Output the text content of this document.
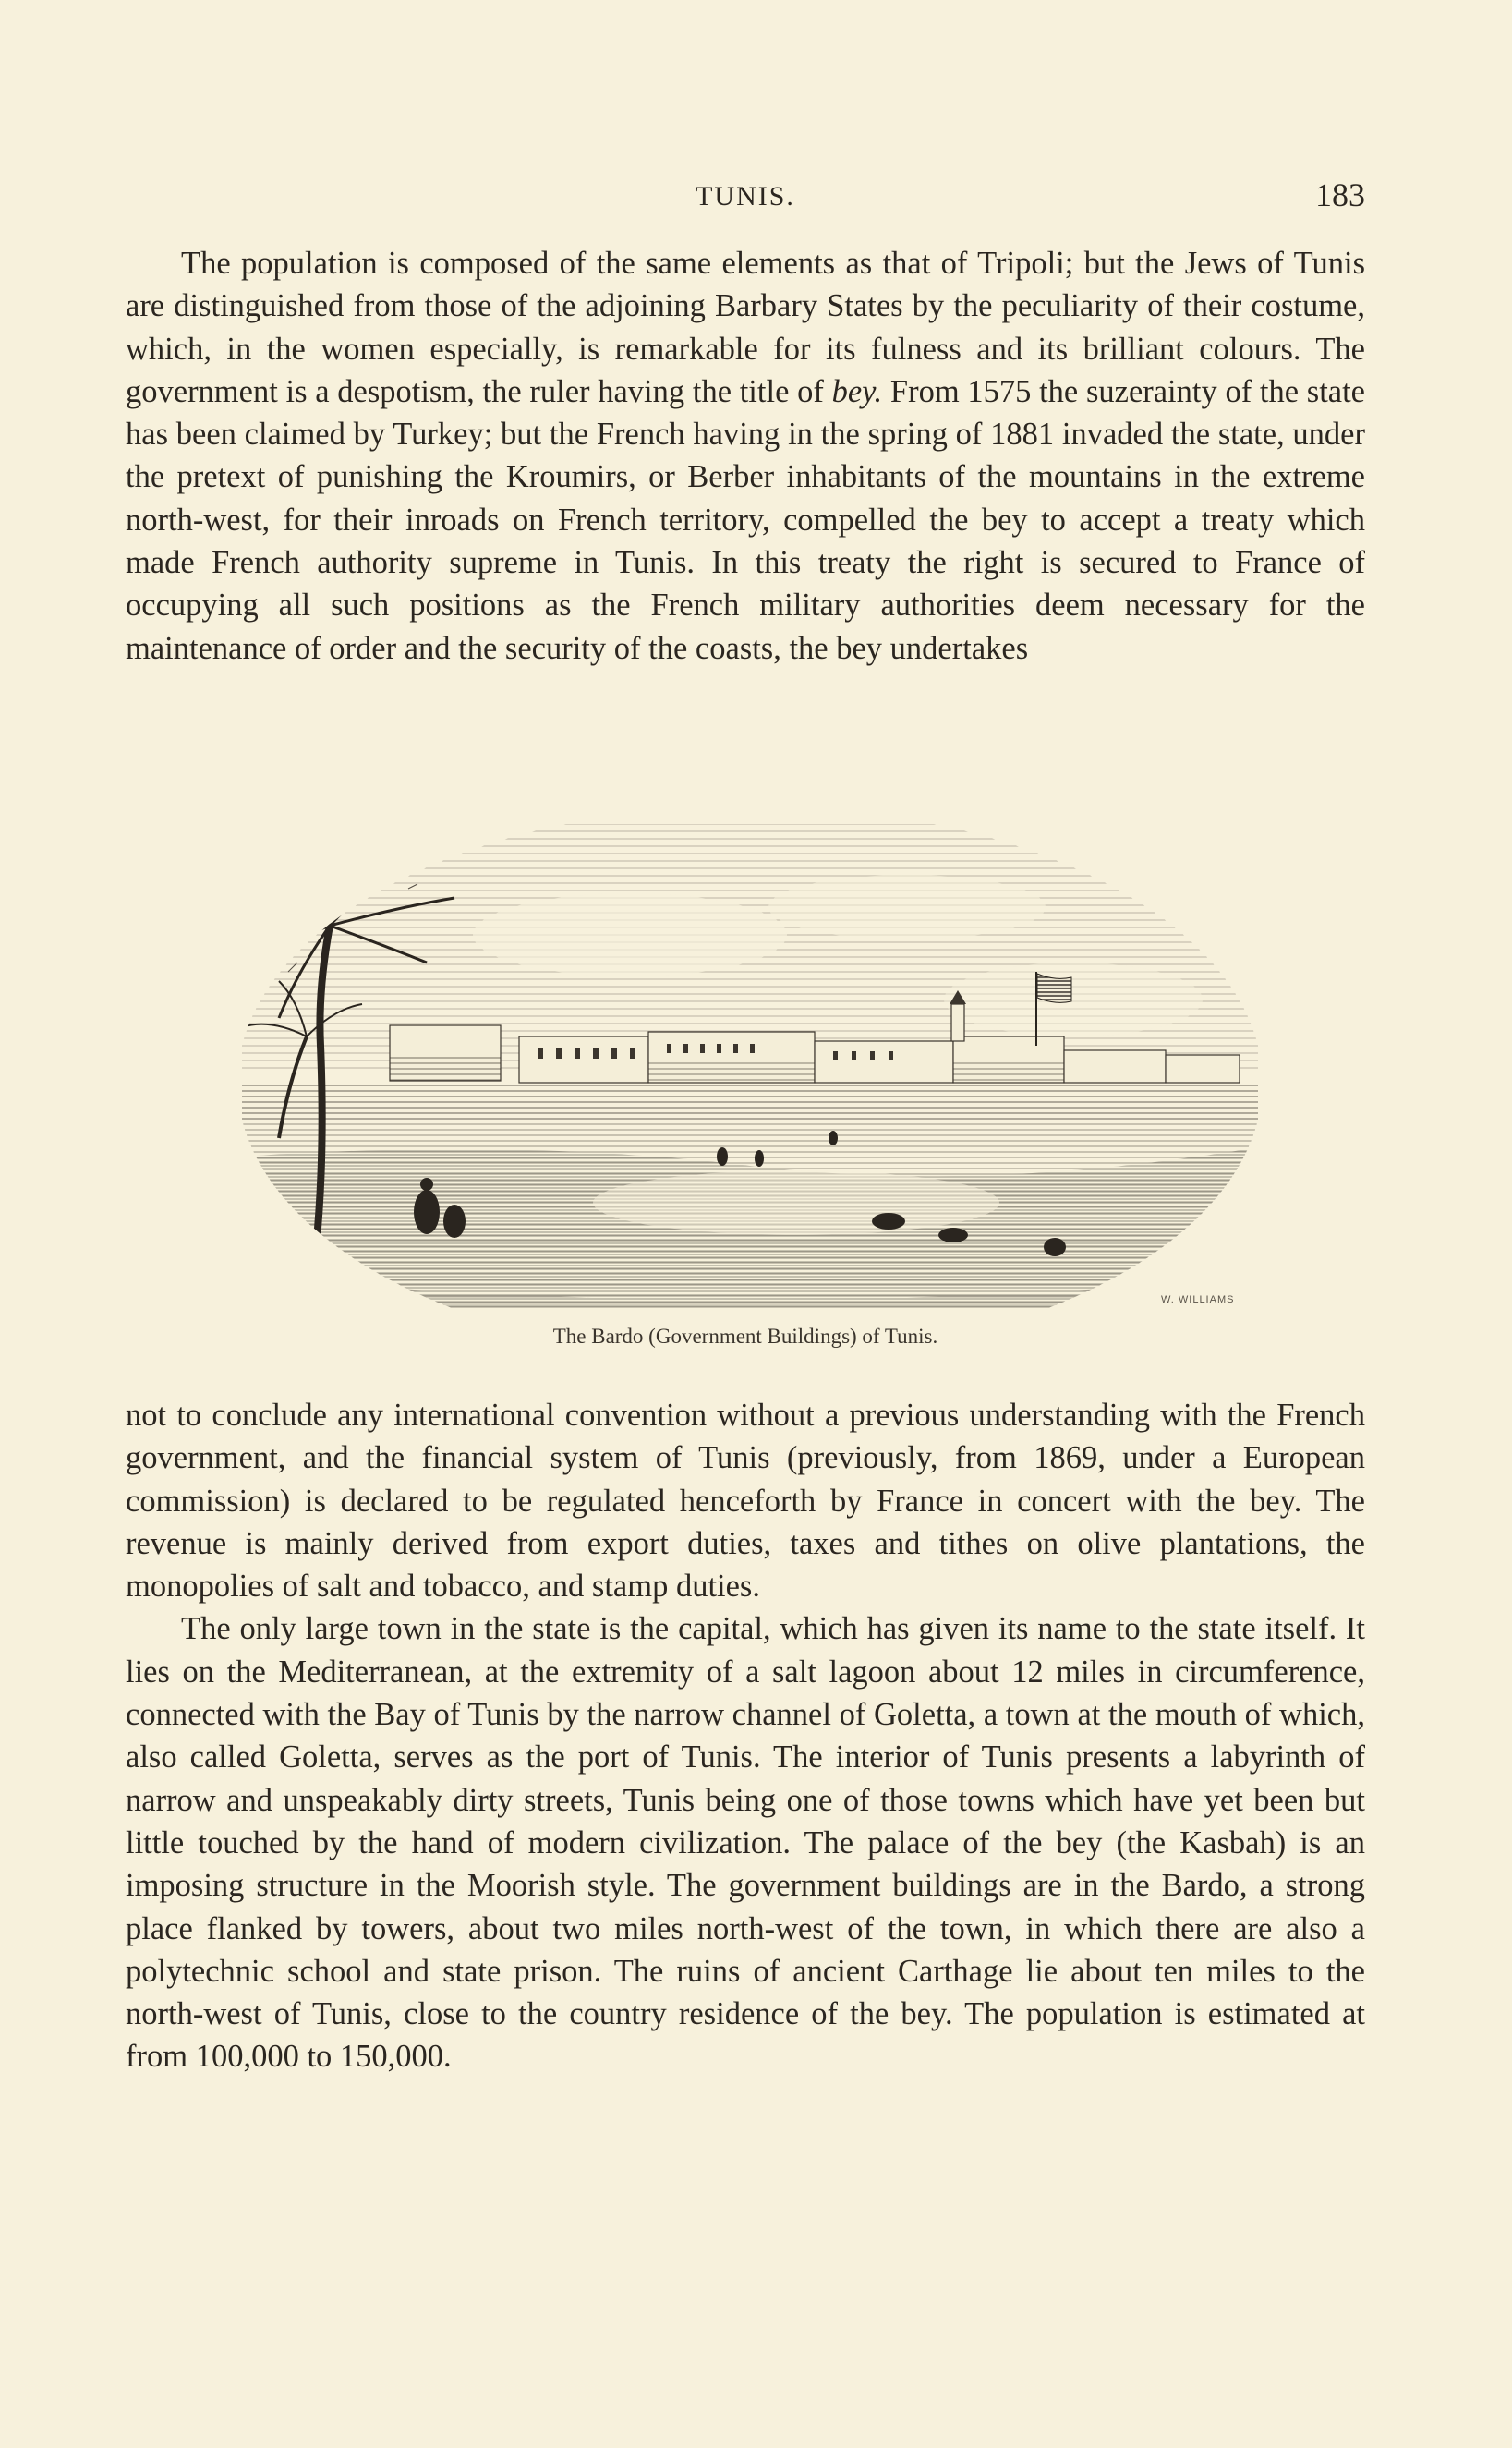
TUNIS.	183

The population is composed of the same elements as that of Tripoli; but the Jews of Tunis are distinguished from those of the adjoining Barbary States by the peculiarity of their costume, which, in the women especially, is remarkable for its fulness and its brilliant colours. The government is a despotism, the ruler having the title of bey. From 1575 the suzerainty of the state has been claimed by Turkey; but the French having in the spring of 1881 invaded the state, under the pretext of punishing the Kroumirs, or Berber inhabitants of the mountains in the extreme north-west, for their inroads on French territory, compelled the bey to accept a treaty which made French authority supreme in Tunis. In this treaty the right is secured to France of occupying all such positions as the French military authorities deem necessary for the maintenance of order and the security of the coasts, the bey undertakes

W. WILLIAMS
The Bardo (Government Buildings) of Tunis.

not to conclude any international convention without a previous understanding with the French government, and the financial system of Tunis (previously, from 1869, under a European commission) is declared to be regulated henceforth by France in concert with the bey. The revenue is mainly derived from export duties, taxes and tithes on olive plantations, the monopolies of salt and tobacco, and stamp duties.

The only large town in the state is the capital, which has given its name to the state itself. It lies on the Mediterranean, at the extremity of a salt lagoon about 12 miles in circumference, connected with the Bay of Tunis by the narrow channel of Goletta, a town at the mouth of which, also called Goletta, serves as the port of Tunis. The interior of Tunis presents a labyrinth of narrow and unspeakably dirty streets, Tunis being one of those towns which have yet been but little touched by the hand of modern civilization. The palace of the bey (the Kasbah) is an imposing structure in the Moorish style. The government buildings are in the Bardo, a strong place flanked by towers, about two miles north-west of the town, in which there are also a polytechnic school and state prison. The ruins of ancient Carthage lie about ten miles to the north-west of Tunis, close to the country residence of the bey. The population is estimated at from 100,000 to 150,000.
